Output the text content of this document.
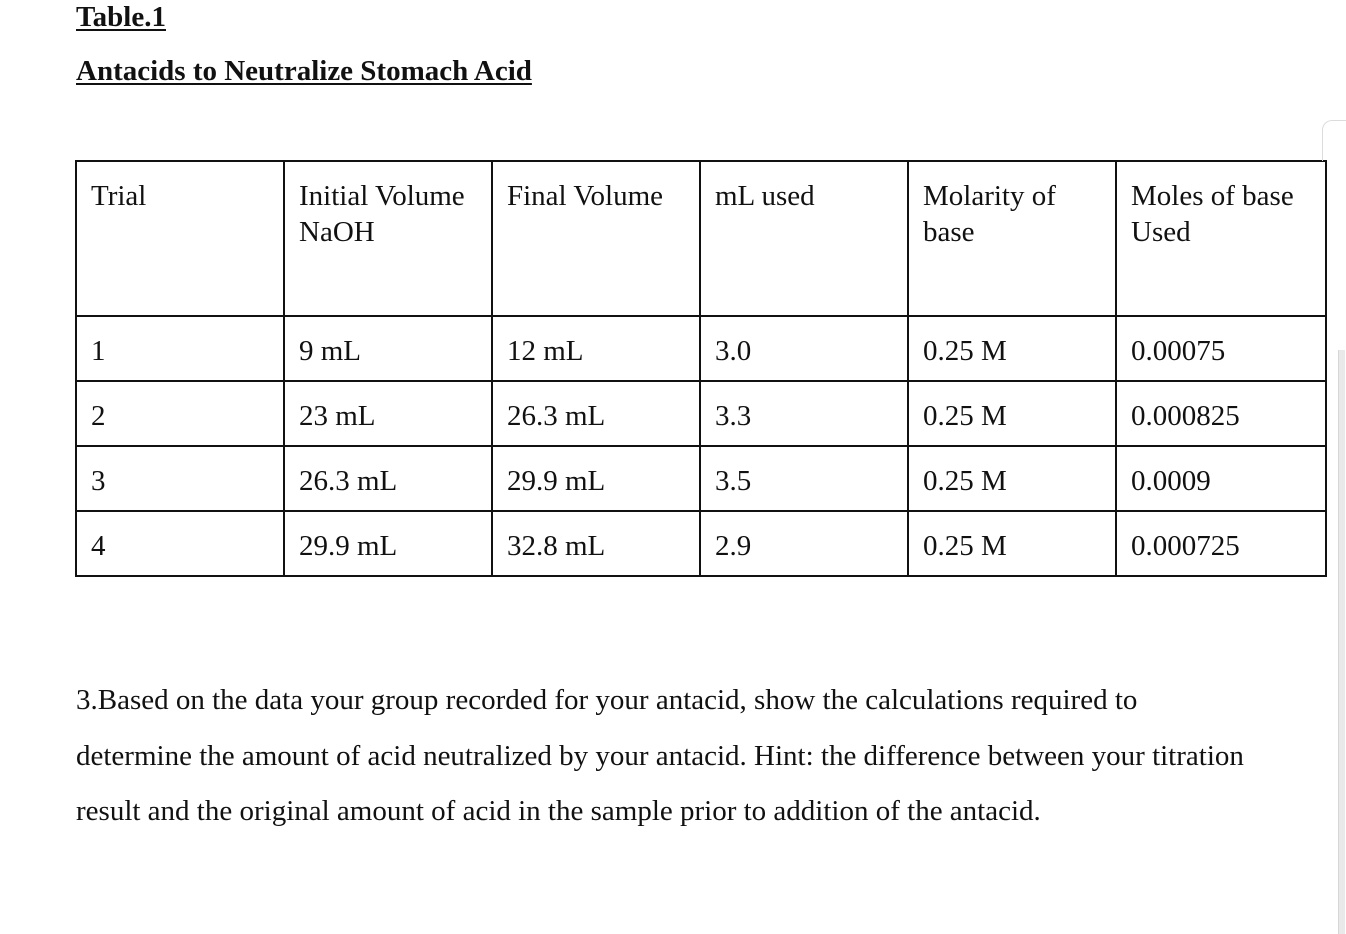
Table.1
Antacids to Neutralize Stomach Acid
Trial	Initial Volume NaOH	Final Volume	mL used	Molarity of base	Moles of base Used
1	9 mL	12 mL	3.0	0.25 M	0.00075
2	23 mL	26.3 mL	3.3	0.25 M	0.000825
3	26.3 mL	29.9 mL	3.5	0.25 M	0.0009
4	29.9 mL	32.8 mL	2.9	0.25 M	0.000725
3.Based on the data your group recorded for your antacid, show the calculations required to determine the amount of acid neutralized by your antacid. Hint: the difference between your titration result and the original amount of acid in the sample prior to addition of the antacid.
